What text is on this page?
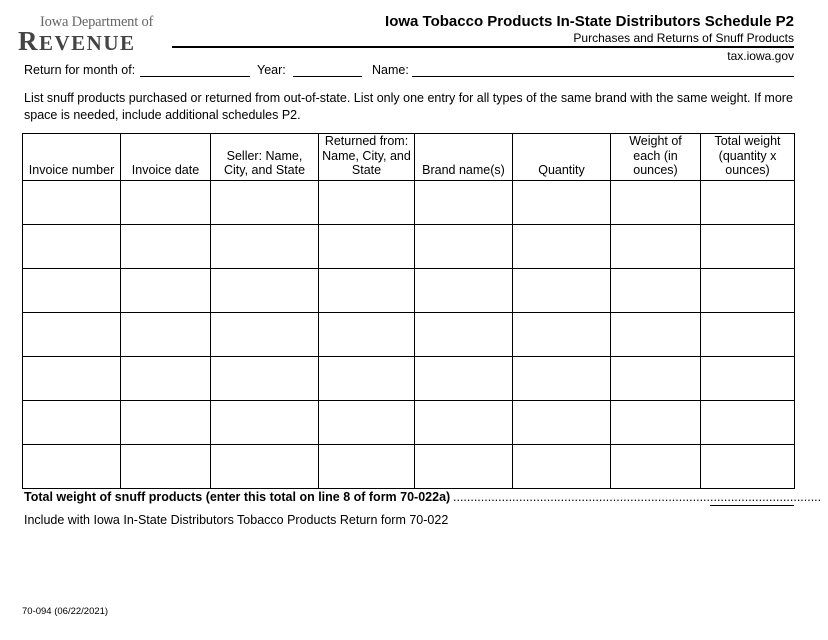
Iowa Department of
REVENUE
Iowa Tobacco Products In-State Distributors Schedule P2
Purchases and Returns of Snuff Products
tax.iowa.gov
Return for month of:	Year:	Name:
List snuff products purchased or returned from out-of-state. List only one entry for all types of the same brand with the same weight. If more space is needed, include additional schedules P2.
Invoice number	Invoice date	Seller: Name, City, and State	Returned from: Name, City, and State	Brand name(s)	Quantity	Weight of each (in ounces)	Total weight (quantity x ounces)

Total weight of snuff products (enter this total on line 8 of form 70-022a) ..........................................................................................................
Include with Iowa In-State Distributors Tobacco Products Return form 70-022
70-094 (06/22/2021)
